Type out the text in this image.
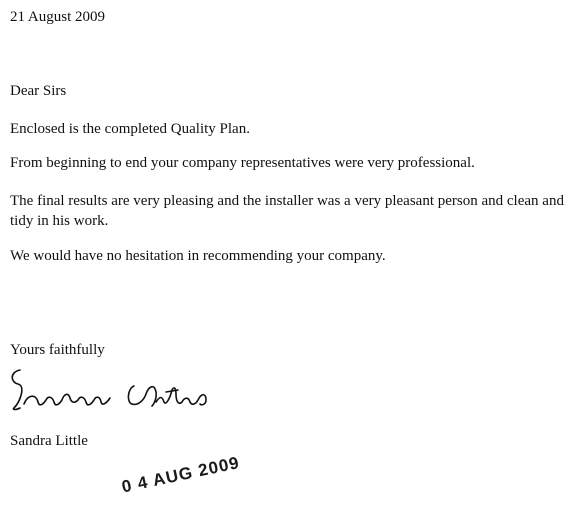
21 August 2009

Dear Sirs

Enclosed is the completed Quality Plan.

From beginning to end your company representatives were very professional.

The final results are very pleasing and the installer was a very pleasant person and clean and tidy in his work.

We would have no hesitation in recommending your company.

Yours faithfully

Sandra Little

0 4 AUG 2009
